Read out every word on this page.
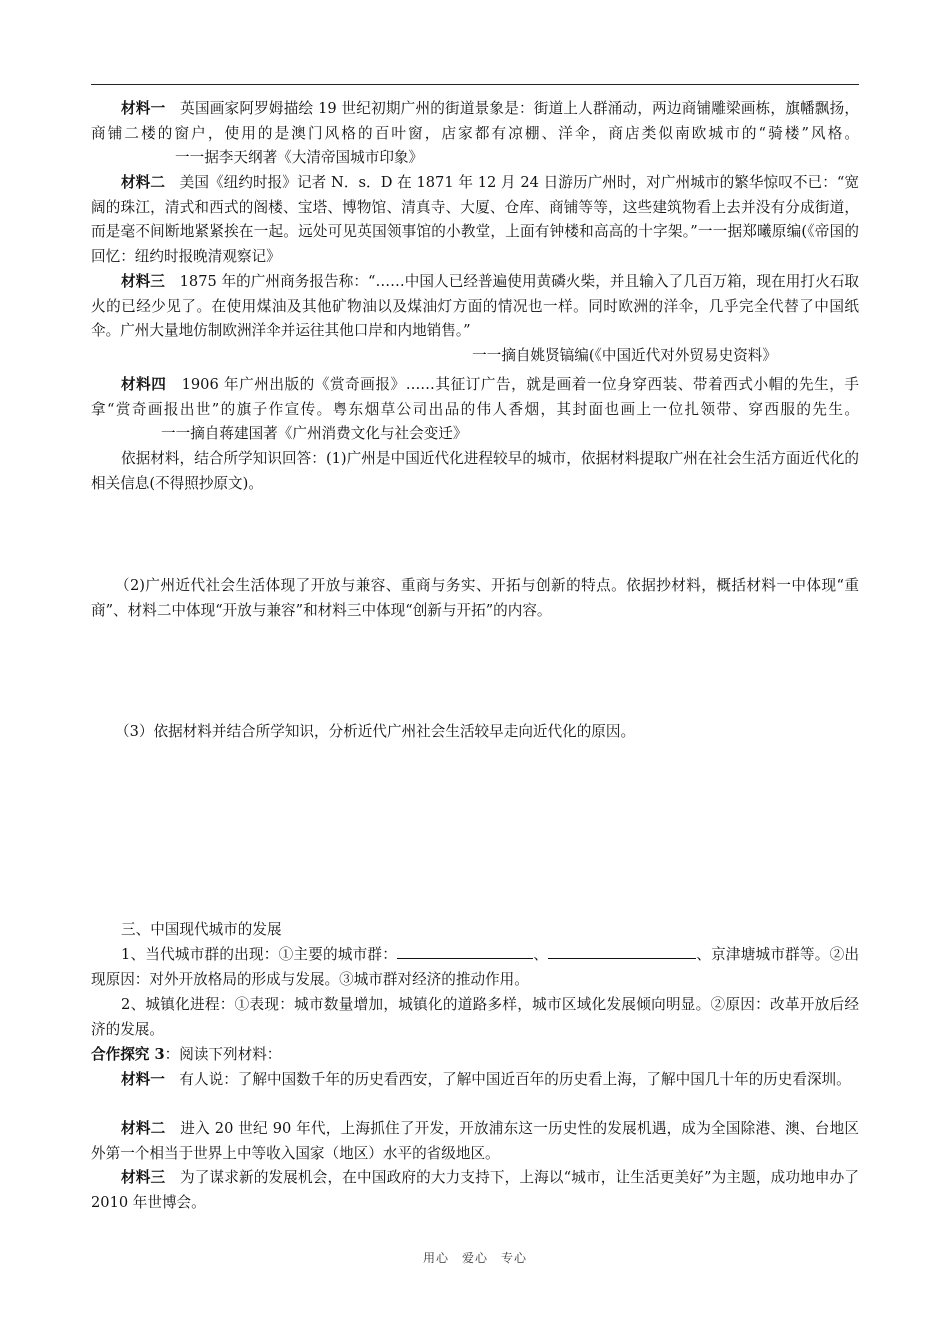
材料一　 英国画家阿罗姆描绘 19 世纪初期广州的街道景象是：街道上人群涌动，两边商铺雕梁画栋，旗幡飘扬，商铺二楼的窗户，使用的是澳门风格的百叶窗，店家都有凉棚、洋伞，商店类似南欧城市的“骑楼”风格。一一据李天纲著《大清帝国城市印象》

材料二　 美国《纽约时报》记者 N．s．D 在 1871 年 12 月 24 日游历广州时，对广州城市的繁华惊叹不已：“宽阔的珠江，清式和西式的阁楼、宝塔、博物馆、清真寺、大厦、仓库、商铺等等，这些建筑物看上去并没有分成街道，而是毫不间断地紧紧挨在一起。远处可见英国领事馆的小教堂，上面有钟楼和高高的十字架。”一一据郑曦原编(《帝国的回忆：纽约时报晚清观察记》

材料三　 1875 年的广州商务报告称：“……中国人已经普遍使用黄磷火柴，并且输入了几百万箱，现在用打火石取火的已经少见了。在使用煤油及其他矿物油以及煤油灯方面的情况也一样。同时欧洲的洋伞，几乎完全代替了中国纸伞。广州大量地仿制欧洲洋伞并运往其他口岸和内地销售。”
一一摘自姚贤镐编(《中国近代对外贸易史资料》

材料四　 1906 年广州出版的《赏奇画报》……其征订广告，就是画着一位身穿西装、带着西式小帽的先生，手拿“赏奇画报出世”的旗子作宣传。粤东烟草公司出品的伟人香烟，其封面也画上一位扎领带、穿西服的先生。一一摘自蒋建国著《广州消费文化与社会变迁》

依据材料，结合所学知识回答：(1)广州是中国近代化进程较早的城市，依据材料提取广州在社会生活方面近代化的相关信息(不得照抄原文)。

（2)广州近代社会生活体现了开放与兼容、重商与务实、开拓与创新的特点。依据抄材料，概括材料一中体现“重商”、材料二中体现“开放与兼容”和材料三中体现“创新与开拓”的内容。

（3）依据材料并结合所学知识，分析近代广州社会生活较早走向近代化的原因。

三、中国现代城市的发展

1、当代城市群的出现：①主要的城市群：	、	、京津塘城市群等。②出现原因：对外开放格局的形成与发展。③城市群对经济的推动作用。

2、城镇化进程：①表现：城市数量增加，城镇化的道路多样，城市区域化发展倾向明显。②原因：改革开放后经济的发展。

合作探究 3：阅读下列材料：

材料一　 有人说：了解中国数千年的历史看西安，了解中国近百年的历史看上海，了解中国几十年的历史看深圳。

材料二　 进入 20 世纪 90 年代，上海抓住了开发，开放浦东这一历史性的发展机遇，成为全国除港、澳、台地区外第一个相当于世界上中等收入国家（地区）水平的省级地区。

材料三　 为了谋求新的发展机会，在中国政府的大力支持下，上海以“城市，让生活更美好”为主题，成功地申办了 2010 年世博会。

用心　爱心　专心
